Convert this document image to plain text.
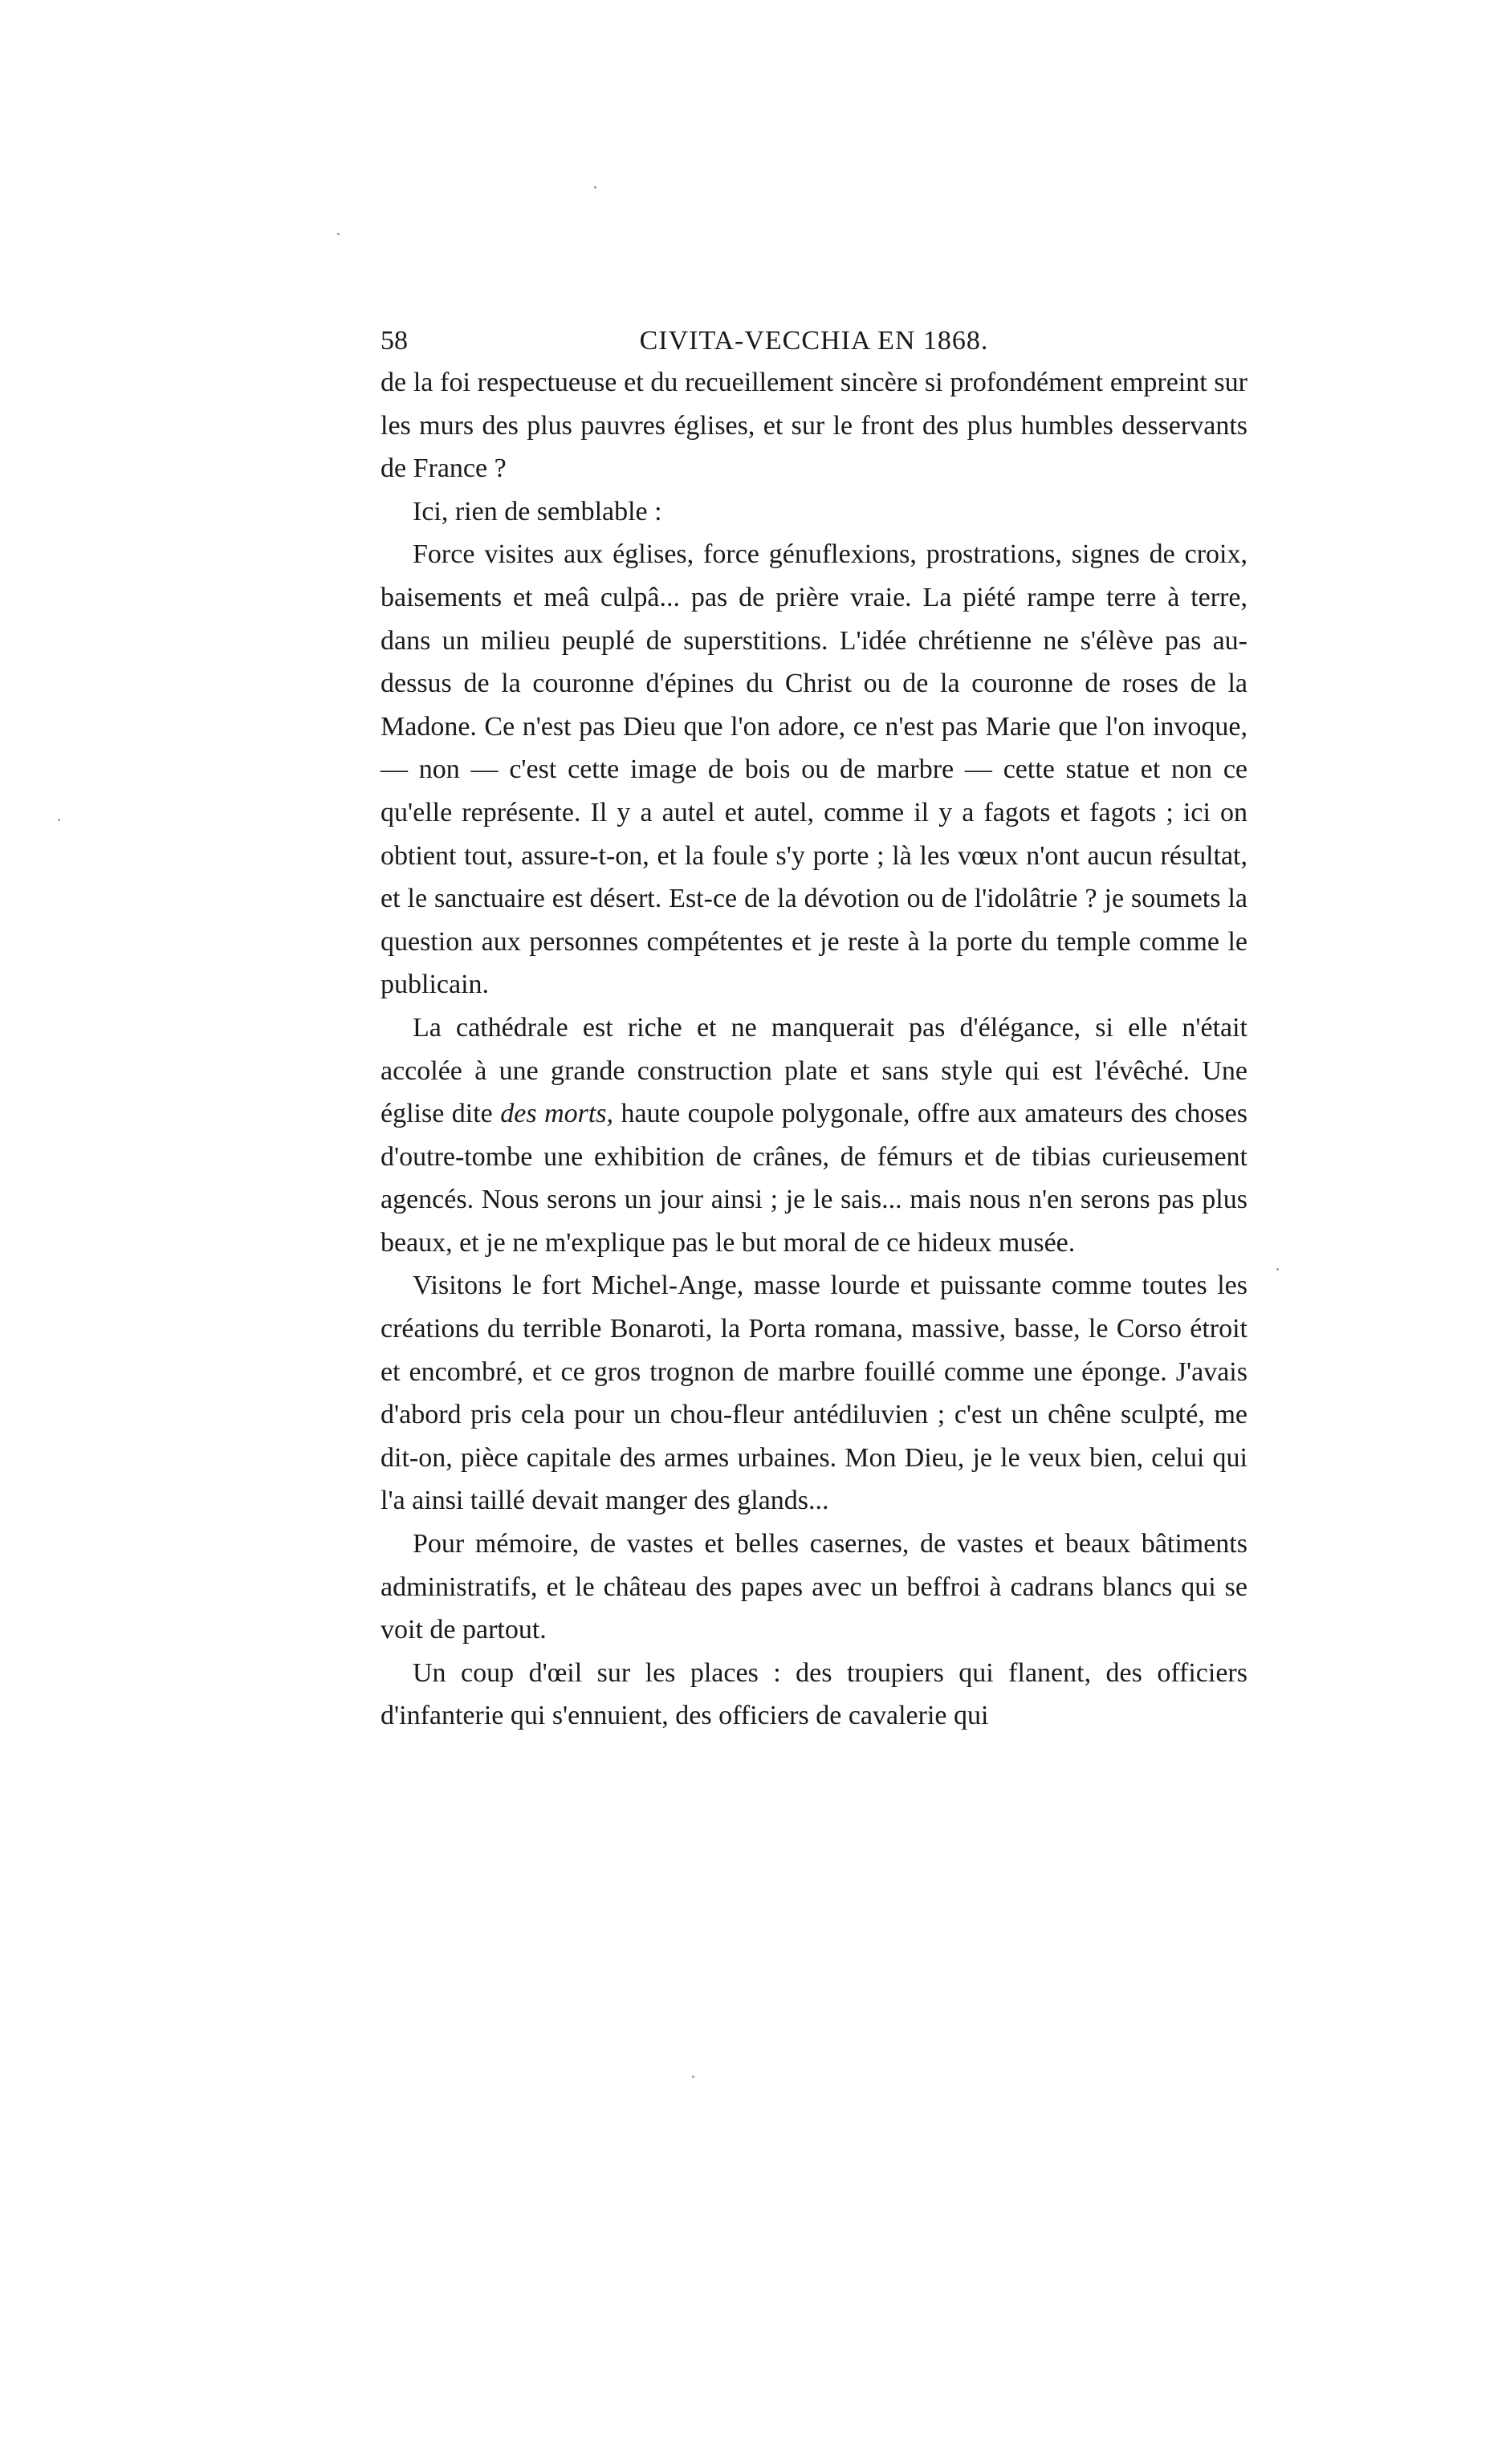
58	CIVITA-VECCHIA EN 1868.

de la foi respectueuse et du recueillement sincère si profondément empreint sur les murs des plus pauvres églises, et sur le front des plus humbles desservants de France ?

Ici, rien de semblable :

Force visites aux églises, force génuflexions, prostrations, signes de croix, baisements et meâ culpâ... pas de prière vraie. La piété rampe terre à terre, dans un milieu peuplé de superstitions. L'idée chrétienne ne s'élève pas au-dessus de la couronne d'épines du Christ ou de la couronne de roses de la Madone. Ce n'est pas Dieu que l'on adore, ce n'est pas Marie que l'on invoque, — non — c'est cette image de bois ou de marbre — cette statue et non ce qu'elle représente. Il y a autel et autel, comme il y a fagots et fagots ; ici on obtient tout, assure-t-on, et la foule s'y porte ; là les vœux n'ont aucun résultat, et le sanctuaire est désert. Est-ce de la dévotion ou de l'idolâtrie ? je soumets la question aux personnes compétentes et je reste à la porte du temple comme le publicain.

La cathédrale est riche et ne manquerait pas d'élégance, si elle n'était accolée à une grande construction plate et sans style qui est l'évêché. Une église dite des morts, haute coupole polygonale, offre aux amateurs des choses d'outre-tombe une exhibition de crânes, de fémurs et de tibias curieusement agencés. Nous serons un jour ainsi ; je le sais... mais nous n'en serons pas plus beaux, et je ne m'explique pas le but moral de ce hideux musée.

Visitons le fort Michel-Ange, masse lourde et puissante comme toutes les créations du terrible Bonaroti, la Porta romana, massive, basse, le Corso étroit et encombré, et ce gros trognon de marbre fouillé comme une éponge. J'avais d'abord pris cela pour un chou-fleur antédiluvien ; c'est un chêne sculpté, me dit-on, pièce capitale des armes urbaines. Mon Dieu, je le veux bien, celui qui l'a ainsi taillé devait manger des glands...

Pour mémoire, de vastes et belles casernes, de vastes et beaux bâtiments administratifs, et le château des papes avec un beffroi à cadrans blancs qui se voit de partout.

Un coup d'œil sur les places : des troupiers qui flanent, des officiers d'infanterie qui s'ennuient, des officiers de cavalerie qui
